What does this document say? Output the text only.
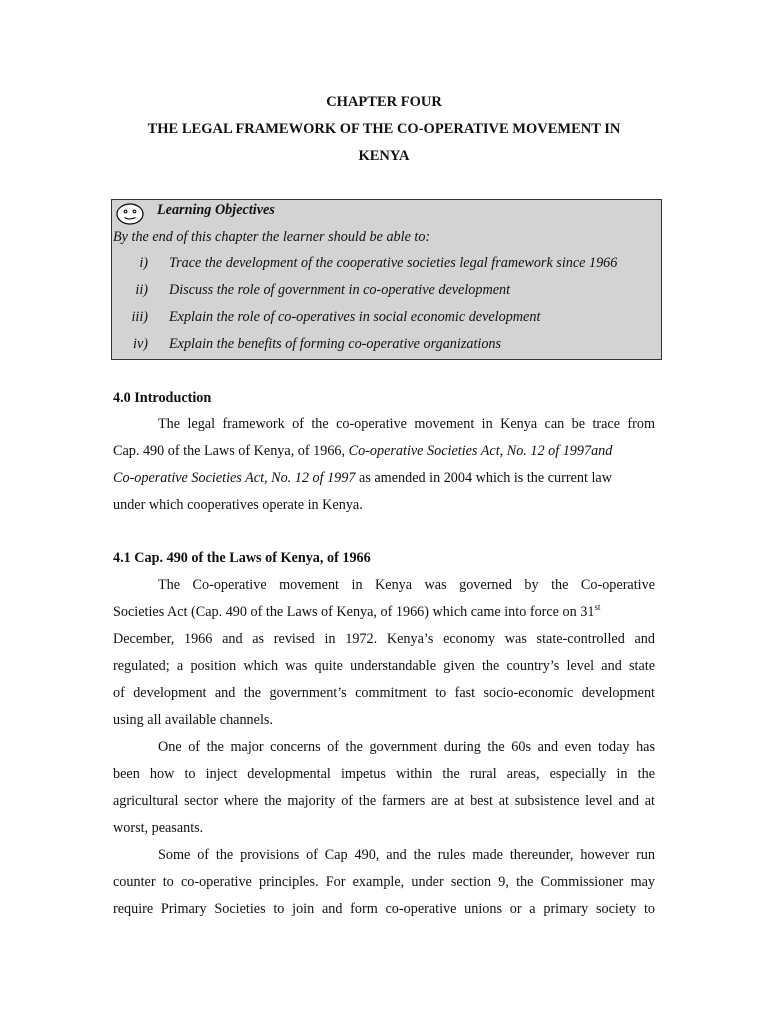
CHAPTER FOUR
THE LEGAL FRAMEWORK OF THE CO-OPERATIVE MOVEMENT IN
KENYA
Learning Objectives
By the end of this chapter the learner should be able to:
i) Trace the development of the cooperative societies legal framework since 1966
ii) Discuss the role of government in co-operative development
iii) Explain the role of co-operatives in social economic development
iv) Explain the benefits of forming co-operative organizations
4.0 Introduction
The legal framework of the co-operative movement in Kenya can be trace from
Cap. 490 of the Laws of Kenya, of 1966, Co-operative Societies Act, No. 12 of 1997and
Co-operative Societies Act, No. 12 of 1997 as amended in 2004 which is the current law
under which cooperatives operate in Kenya.
4.1 Cap. 490 of the Laws of Kenya, of 1966
The Co-operative movement in Kenya was governed by the Co-operative
Societies Act (Cap. 490 of the Laws of Kenya, of 1966) which came into force on 31st
December, 1966 and as revised in 1972. Kenya’s economy was state-controlled and
regulated; a position which was quite understandable given the country’s level and state
of development and the government’s commitment to fast socio-economic development
using all available channels.
One of the major concerns of the government during the 60s and even today has
been how to inject developmental impetus within the rural areas, especially in the
agricultural sector where the majority of the farmers are at best at subsistence level and at
worst, peasants.
Some of the provisions of Cap 490, and the rules made thereunder, however run
counter to co-operative principles. For example, under section 9, the Commissioner may
require Primary Societies to join and form co-operative unions or a primary society to
